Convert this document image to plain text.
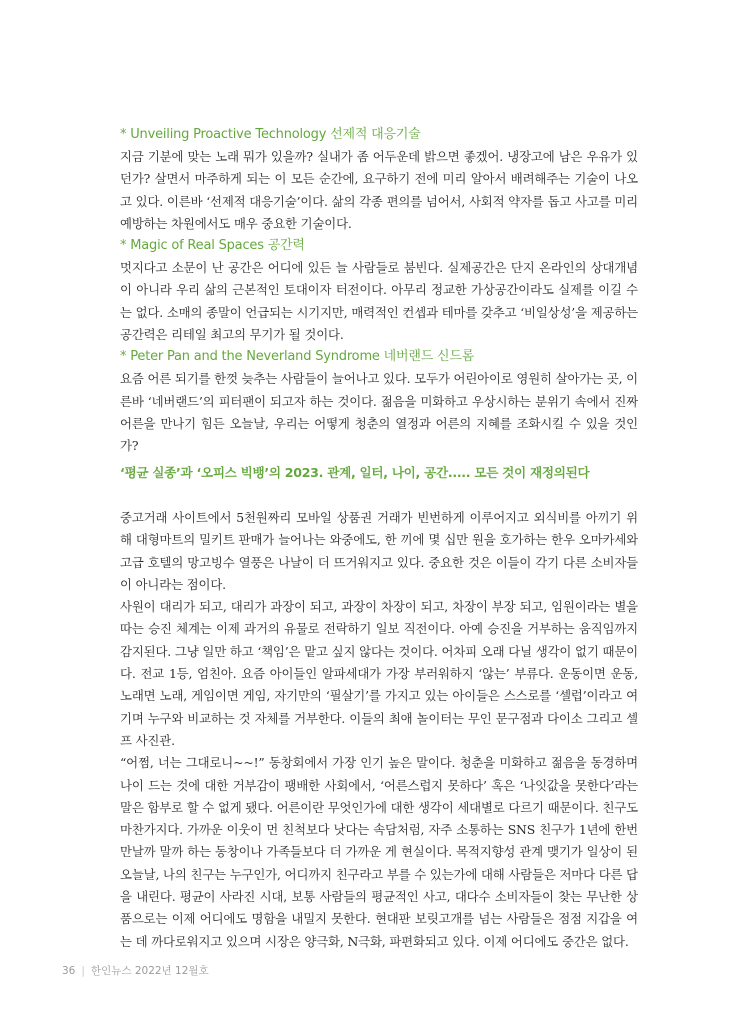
* Unveiling Proactive Technology 선제적 대응기술
지금 기분에 맞는 노래 뭐가 있을까? 실내가 좀 어두운데 밝으면 좋겠어. 냉장고에 남은 우유가 있던가? 살면서 마주하게 되는 이 모든 순간에, 요구하기 전에 미리 알아서 배려해주는 기술이 나오고 있다. 이른바 ‘선제적 대응기술’이다. 삶의 각종 편의를 넘어서, 사회적 약자를 돕고 사고를 미리 예방하는 차원에서도 매우 중요한 기술이다.
* Magic of Real Spaces 공간력
멋지다고 소문이 난 공간은 어디에 있든 늘 사람들로 붐빈다. 실제공간은 단지 온라인의 상대개념이 아니라 우리 삶의 근본적인 토대이자 터전이다. 아무리 정교한 가상공간이라도 실제를 이길 수는 없다. 소매의 종말이 언급되는 시기지만, 매력적인 컨셉과 테마를 갖추고 ‘비일상성’을 제공하는 공간력은 리테일 최고의 무기가 될 것이다.
* Peter Pan and the Neverland Syndrome 네버랜드 신드롬
요즘 어른 되기를 한껏 늦추는 사람들이 늘어나고 있다. 모두가 어린아이로 영원히 살아가는 곳, 이른바 ‘네버랜드’의 피터팬이 되고자 하는 것이다. 젊음을 미화하고 우상시하는 분위기 속에서 진짜 어른을 만나기 힘든 오늘날, 우리는 어떻게 청춘의 열정과 어른의 지혜를 조화시킬 수 있을 것인가?
‘평균 실종’과 ‘오피스 빅뱅’의 2023. 관계, 일터, 나이, 공간..... 모든 것이 재정의된다
중고거래 사이트에서 5천원짜리 모바일 상품권 거래가 빈번하게 이루어지고 외식비를 아끼기 위해 대형마트의 밀키트 판매가 늘어나는 와중에도, 한 끼에 몇 십만 원을 호가하는 한우 오마카세와 고급 호텔의 망고빙수 열풍은 나날이 더 뜨거워지고 있다. 중요한 것은 이들이 각기 다른 소비자들이 아니라는 점이다.
사원이 대리가 되고, 대리가 과장이 되고, 과장이 차장이 되고, 차장이 부장 되고, 임원이라는 별을 따는 승진 체계는 이제 과거의 유물로 전락하기 일보 직전이다. 아예 승진을 거부하는 움직임까지 감지된다. 그냥 일만 하고 ‘책임’은 맡고 싶지 않다는 것이다. 어차피 오래 다닐 생각이 없기 때문이다. 전교 1등, 엄친아. 요즘 아이들인 알파세대가 가장 부러워하지 ‘않는’ 부류다. 운동이면 운동, 노래면 노래, 게임이면 게임, 자기만의 ‘필살기’를 가지고 있는 아이들은 스스로를 ‘셀럽’이라고 여기며 누구와 비교하는 것 자체를 거부한다. 이들의 최애 놀이터는 무인 문구점과 다이소 그리고 셀프 사진관.
“어쩜, 너는 그대로니~~!” 동창회에서 가장 인기 높은 말이다. 청춘을 미화하고 젊음을 동경하며 나이 드는 것에 대한 거부감이 팽배한 사회에서, ‘어른스럽지 못하다’ 혹은 ‘나잇값을 못한다’라는 말은 함부로 할 수 없게 됐다. 어른이란 무엇인가에 대한 생각이 세대별로 다르기 때문이다. 친구도 마찬가지다. 가까운 이웃이 먼 친척보다 낫다는 속담처럼, 자주 소통하는 SNS 친구가 1년에 한번 만날까 말까 하는 동창이나 가족들보다 더 가까운 게 현실이다. 목적지향성 관계 맺기가 일상이 된 오늘날, 나의 친구는 누구인가, 어디까지 친구라고 부를 수 있는가에 대해 사람들은 저마다 다른 답을 내린다. 평균이 사라진 시대, 보통 사람들의 평균적인 사고, 대다수 소비자들이 찾는 무난한 상품으로는 이제 어디에도 명함을 내밀지 못한다. 현대판 보릿고개를 넘는 사람들은 점점 지갑을 여는 데 까다로워지고 있으며 시장은 양극화, N극화, 파편화되고 있다. 이제 어디에도 중간은 없다.
36 | 한인뉴스 2022년 12월호
